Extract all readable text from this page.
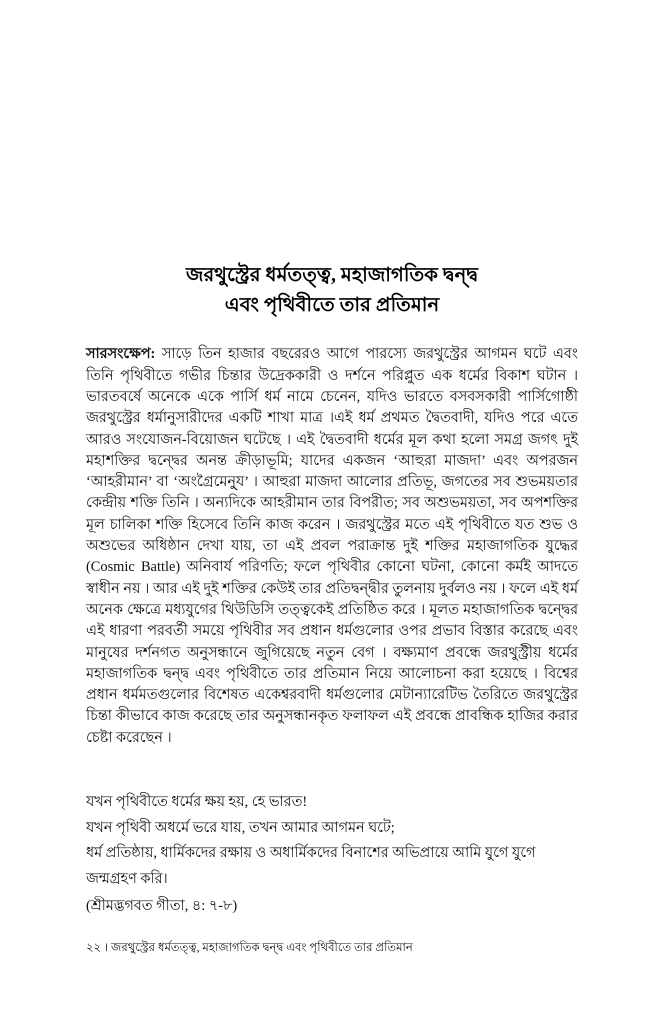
জরথুস্ট্রের ধর্মতত্ত্ব, মহাজাগতিক দ্বন্দ্ব
এবং পৃথিবীতে তার প্রতিমান

সারসংক্ষেপ: সাড়ে তিন হাজার বছরেরও আগে পারস্যে জরথুস্ট্রের আগমন ঘটে এবং তিনি পৃথিবীতে গভীর চিন্তার উদ্রেককারী ও দর্শনে পরিপ্লুত এক ধর্মের বিকাশ ঘটান । ভারতবর্ষে অনেকে একে পার্সি ধর্ম নামে চেনেন, যদিও ভারতে বসবসকারী পার্সিগোষ্ঠী জরথুস্ট্রের ধর্মানুসারীদের একটি শাখা মাত্র ।এই ধর্ম প্রথমত দ্বৈতবাদী, যদিও পরে এতে আরও সংযোজন-বিয়োজন ঘটেছে । এই দ্বৈতবাদী ধর্মের মূল কথা হলো সমগ্র জগৎ দুই মহাশক্তির দ্বন্দ্বের অনন্ত ক্রীড়াভূমি; যাদের একজন ‘আহুরা মাজদা’ এবং অপরজন ‘আহরীমান’ বা ‘অংগ্রৈমেনু্য’ । আহুরা মাজদা আলোর প্রতিভূ, জগতের সব শুভময়তার কেন্দ্রীয় শক্তি তিনি । অন্যদিকে আহরীমান তার বিপরীত; সব অশুভময়তা, সব অপশক্তির মূল চালিকা শক্তি হিসেবে তিনি কাজ করেন । জরথুস্ট্রের মতে এই পৃথিবীতে যত শুভ ও অশুভের অধিষ্ঠান দেখা যায়, তা এই প্রবল পরাক্রান্ত দুই শক্তির মহাজাগতিক যুদ্ধের (Cosmic Battle) অনিবার্য পরিণতি; ফলে পৃথিবীর কোনো ঘটনা, কোনো কর্মই আদতে স্বাধীন নয় । আর এই দুই শক্তির কেউই তার প্রতিদ্বন্দ্বীর তুলনায় দুর্বলও নয় । ফলে এই ধর্ম অনেক ক্ষেত্রে মধ্যযুগের থিউডিসি তত্ত্বকেই প্রতিষ্ঠিত করে । মূলত মহাজাগতিক দ্বন্দ্বের এই ধারণা পরবর্তী সময়ে পৃথিবীর সব প্রধান ধর্মগুলোর ওপর প্রভাব বিস্তার করেছে এবং মানুষের দর্শনগত অনুসন্ধানে জুগিয়েছে নতুন বেগ । বক্ষ্যমাণ প্রবন্ধে জরথুস্ট্রীয় ধর্মের মহাজাগতিক দ্বন্দ্ব এবং পৃথিবীতে তার প্রতিমান নিয়ে আলোচনা করা হয়েছে । বিশ্বের প্রধান ধর্মমতগুলোর বিশেষত একেশ্বরবাদী ধর্মগুলোর মেটান্যারেটিভ তৈরিতে জরথুস্ট্রের চিন্তা কীভাবে কাজ করেছে তার অনুসন্ধানকৃত ফলাফল এই প্রবন্ধে প্রাবন্ধিক হাজির করার চেষ্টা করেছেন ।

যখন পৃথিবীতে ধর্মের ক্ষয় হয়, হে ভারত!
যখন পৃথিবী অধর্মে ভরে যায়, তখন আমার আগমন ঘটে;
ধর্ম প্রতিষ্ঠায়, ধার্মিকদের রক্ষায় ও অধার্মিকদের বিনাশের অভিপ্রায়ে আমি যুগে যুগে জন্মগ্রহণ করি।
(শ্রীমদ্ভগবত গীতা, ৪: ৭-৮)
২২ । জরথুস্ট্রের ধর্মতত্ত্ব, মহাজাগতিক দ্বন্দ্ব এবং পৃথিবীতে তার প্রতিমান
